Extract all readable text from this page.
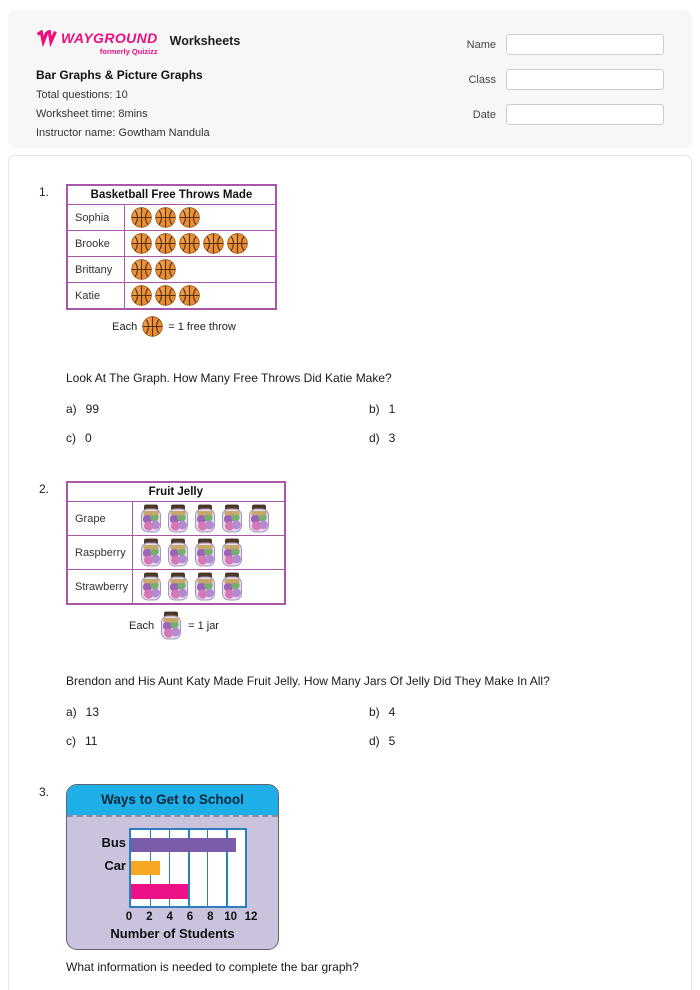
WAYGROUND
formerly Quizizz
Worksheets
Bar Graphs & Picture Graphs
Total questions: 10
Worksheet time: 8mins
Instructor name: Gowtham Nandula
Name
Class
Date
1.	Basketball Free Throws Made	
Sophia	

Brooke	

Brittany	

Katie	
Each	= 1 free throw
Look At The Graph. How Many Free Throws Did Katie Make?
a) 99	b) 1
c) 0	d) 3
2.	Fruit Jelly	
Grape	

Raspberry	

Strawberry	
Each	= 1 jar
Brendon and His Aunt Katy Made Fruit Jelly. How Many Jars Of Jelly Did They Make In All?
a) 13	b) 4
c) 11	d) 5
3.	Ways to Get to School
Bus
Car
0 2 4 6 8 10 12
Number of Students
What information is needed to complete the bar graph?
